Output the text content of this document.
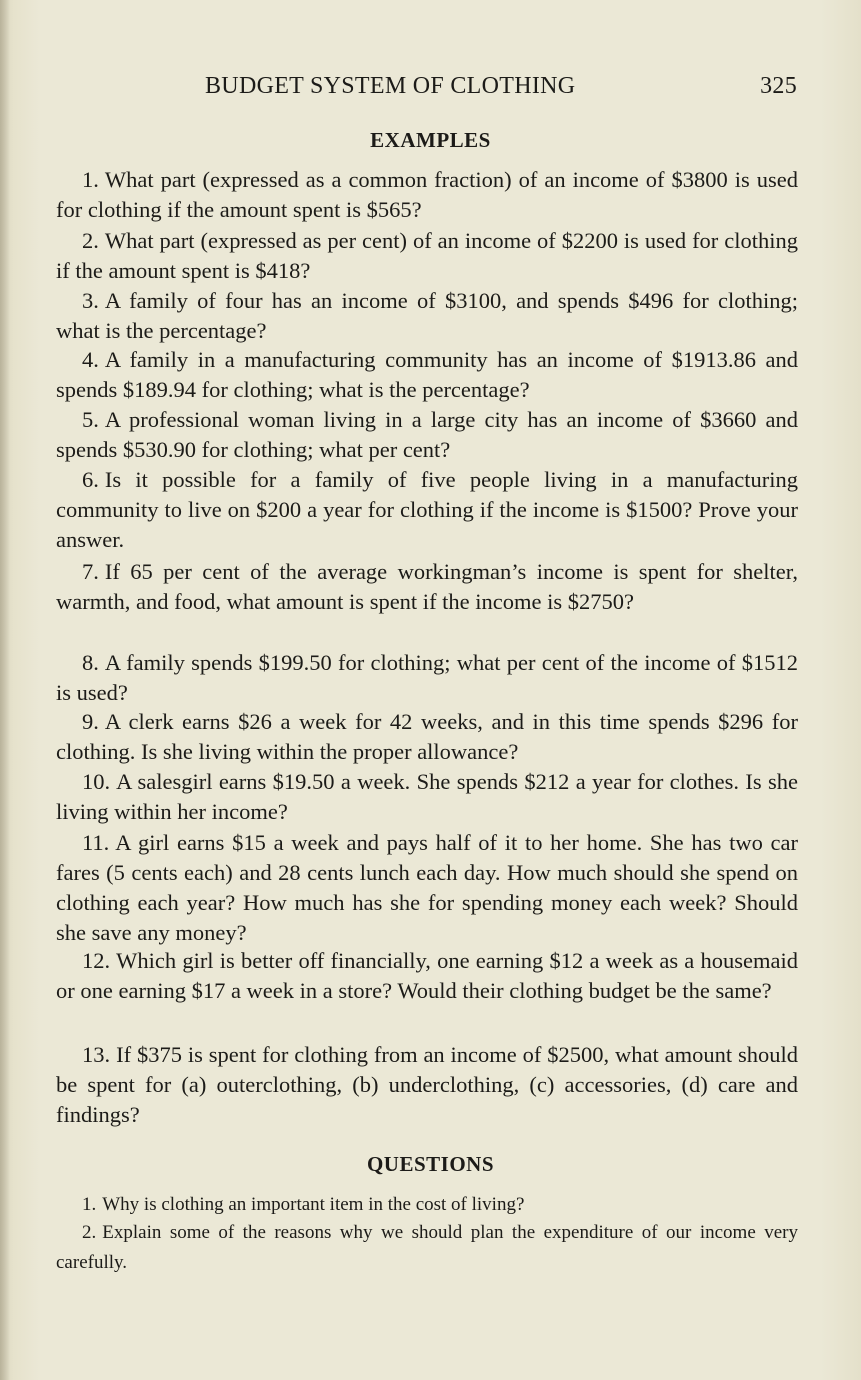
BUDGET SYSTEM OF CLOTHING	325
EXAMPLES

1. What part (expressed as a common fraction) of an income of $3800 is used for clothing if the amount spent is $565?

2. What part (expressed as per cent) of an income of $2200 is used for clothing if the amount spent is $418?

3. A family of four has an income of $3100, and spends $496 for clothing; what is the percentage?

4. A family in a manufacturing community has an income of $1913.86 and spends $189.94 for clothing; what is the percentage?

5. A professional woman living in a large city has an income of $3660 and spends $530.90 for clothing; what per cent?

6. Is it possible for a family of five people living in a manufacturing community to live on $200 a year for clothing if the income is $1500? Prove your answer.

7. If 65 per cent of the average workingman’s income is spent for shelter, warmth, and food, what amount is spent if the income is $2750?

8. A family spends $199.50 for clothing; what per cent of the income of $1512 is used?

9. A clerk earns $26 a week for 42 weeks, and in this time spends $296 for clothing. Is she living within the proper allowance?

10. A salesgirl earns $19.50 a week. She spends $212 a year for clothes. Is she living within her income?

11. A girl earns $15 a week and pays half of it to her home. She has two car fares (5 cents each) and 28 cents lunch each day. How much should she spend on clothing each year? How much has she for spending money each week? Should she save any money?

12. Which girl is better off financially, one earning $12 a week as a housemaid or one earning $17 a week in a store? Would their clothing budget be the same?

13. If $375 is spent for clothing from an income of $2500, what amount should be spent for (a) outerclothing, (b) underclothing, (c) accessories, (d) care and findings?

QUESTIONS

1. Why is clothing an important item in the cost of living?

2. Explain some of the reasons why we should plan the expenditure of our income very carefully.
